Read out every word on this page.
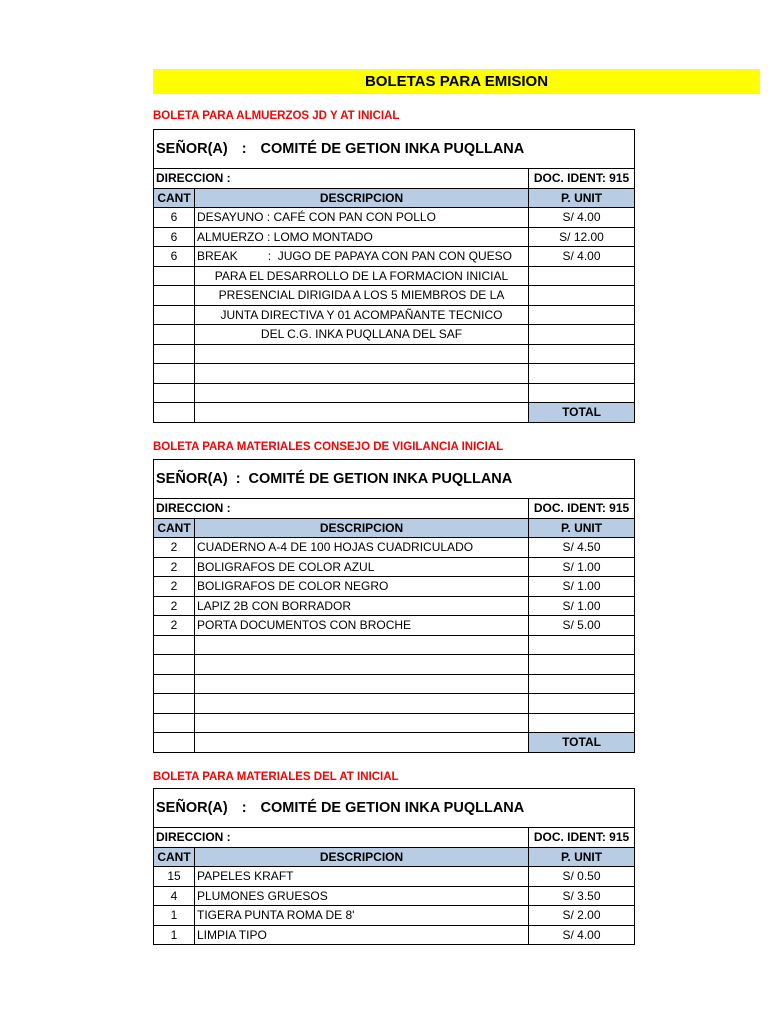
BOLETAS PARA EMISION
BOLETA PARA ALMUERZOS JD Y AT INICIAL
SEÑOR(A) : COMITÉ DE GETION INKA PUQLLANA		
DIRECCION :		DOC. IDENT: 915
CANT	DESCRIPCION	P. UNIT
6	DESAYUNO : CAFÉ CON PAN CON POLLO	S/ 4.00
6	ALMUERZO : LOMO MONTADO	S/ 12.00
6	BREAK         :  JUGO DE PAPAYA CON PAN CON QUESO	S/ 4.00
	PARA EL DESARROLLO DE LA FORMACION INICIAL	
	PRESENCIAL DIRIGIDA A LOS 5 MIEMBROS DE LA	
	JUNTA DIRECTIVA Y 01 ACOMPAÑANTE TECNICO	
	DEL C.G. INKA PUQLLANA DEL SAF	

		TOTAL
BOLETA PARA MATERIALES CONSEJO DE VIGILANCIA INICIAL
SEÑOR(A) : COMITÉ DE GETION INKA PUQLLANA		
DIRECCION :		DOC. IDENT: 915
CANT	DESCRIPCION	P. UNIT
2	CUADERNO A-4 DE 100 HOJAS CUADRICULADO	S/ 4.50
2	BOLIGRAFOS DE COLOR AZUL	S/ 1.00
2	BOLIGRAFOS DE COLOR NEGRO	S/ 1.00
2	LAPIZ 2B CON BORRADOR	S/ 1.00
2	PORTA DOCUMENTOS CON BROCHE	S/ 5.00

		TOTAL
BOLETA PARA MATERIALES DEL AT INICIAL
SEÑOR(A) : COMITÉ DE GETION INKA PUQLLANA		
DIRECCION :		DOC. IDENT: 915
CANT	DESCRIPCION	P. UNIT
15	PAPELES KRAFT	S/ 0.50
4	PLUMONES GRUESOS	S/ 3.50
1	TIGERA PUNTA ROMA DE 8'	S/ 2.00
1	LIMPIA TIPO	S/ 4.00
